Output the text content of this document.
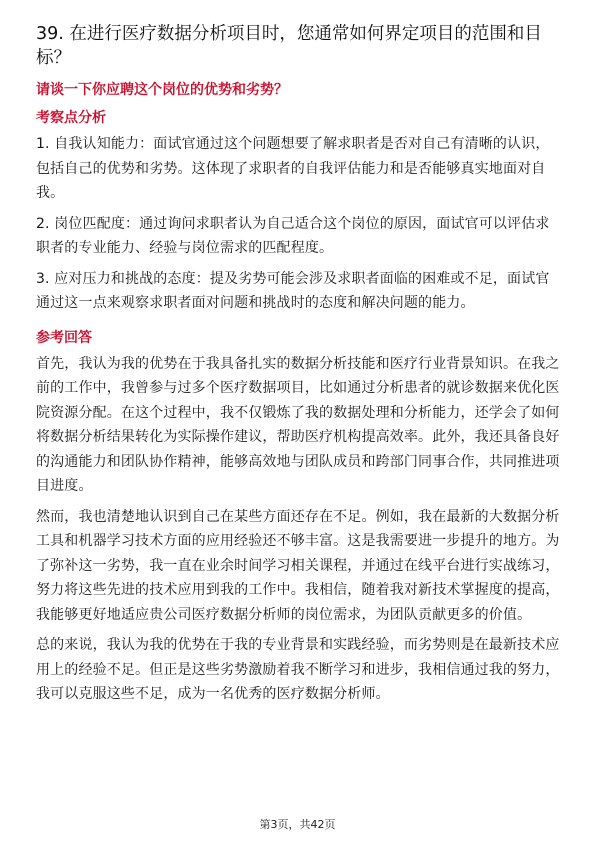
39. 在进行医疗数据分析项目时，您通常如何界定项目的范围和目标？
请谈一下你应聘这个岗位的优势和劣势？
考察点分析

1. 自我认知能力：面试官通过这个问题想要了解求职者是否对自己有清晰的认识，包括自己的优势和劣势。这体现了求职者的自我评估能力和是否能够真实地面对自我。

2. 岗位匹配度：通过询问求职者认为自己适合这个岗位的原因，面试官可以评估求职者的专业能力、经验与岗位需求的匹配程度。

3. 应对压力和挑战的态度：提及劣势可能会涉及求职者面临的困难或不足，面试官通过这一点来观察求职者面对问题和挑战时的态度和解决问题的能力。

参考回答

首先，我认为我的优势在于我具备扎实的数据分析技能和医疗行业背景知识。在我之前的工作中，我曾参与过多个医疗数据项目，比如通过分析患者的就诊数据来优化医院资源分配。在这个过程中，我不仅锻炼了我的数据处理和分析能力，还学会了如何将数据分析结果转化为实际操作建议，帮助医疗机构提高效率。此外，我还具备良好的沟通能力和团队协作精神，能够高效地与团队成员和跨部门同事合作，共同推进项目进度。

然而，我也清楚地认识到自己在某些方面还存在不足。例如，我在最新的大数据分析工具和机器学习技术方面的应用经验还不够丰富。这是我需要进一步提升的地方。为了弥补这一劣势，我一直在业余时间学习相关课程，并通过在线平台进行实战练习，努力将这些先进的技术应用到我的工作中。我相信，随着我对新技术掌握度的提高，我能够更好地适应贵公司医疗数据分析师的岗位需求，为团队贡献更多的价值。

总的来说，我认为我的优势在于我的专业背景和实践经验，而劣势则是在最新技术应用上的经验不足。但正是这些劣势激励着我不断学习和进步，我相信通过我的努力，我可以克服这些不足，成为一名优秀的医疗数据分析师。

第3页，共42页
